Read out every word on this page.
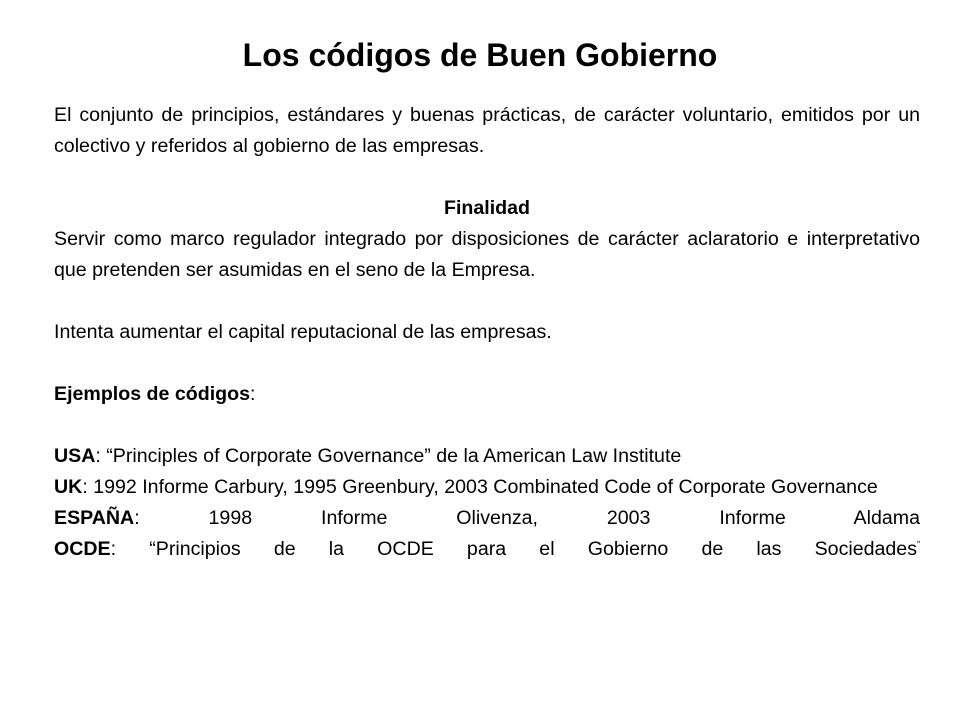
Los códigos de Buen Gobierno

El conjunto de principios, estándares y buenas prácticas, de carácter voluntario, emitidos por un colectivo y referidos al gobierno de las empresas.

Finalidad

Servir como marco regulador integrado por disposiciones de carácter aclaratorio e interpretativo que pretenden ser asumidas en el seno de la Empresa.

Intenta aumentar el capital reputacional de las empresas.

Ejemplos de códigos:

USA: “Principles of Corporate Governance” de la American Law Institute

UK: 1992 Informe Carbury, 1995 Greenbury, 2003 Combinated Code of Corporate Governance

ESPAÑA: 1998 Informe Olivenza, 2003 Informe Aldama

OCDE: “Principios de la OCDE para el Gobierno de las Sociedades”
